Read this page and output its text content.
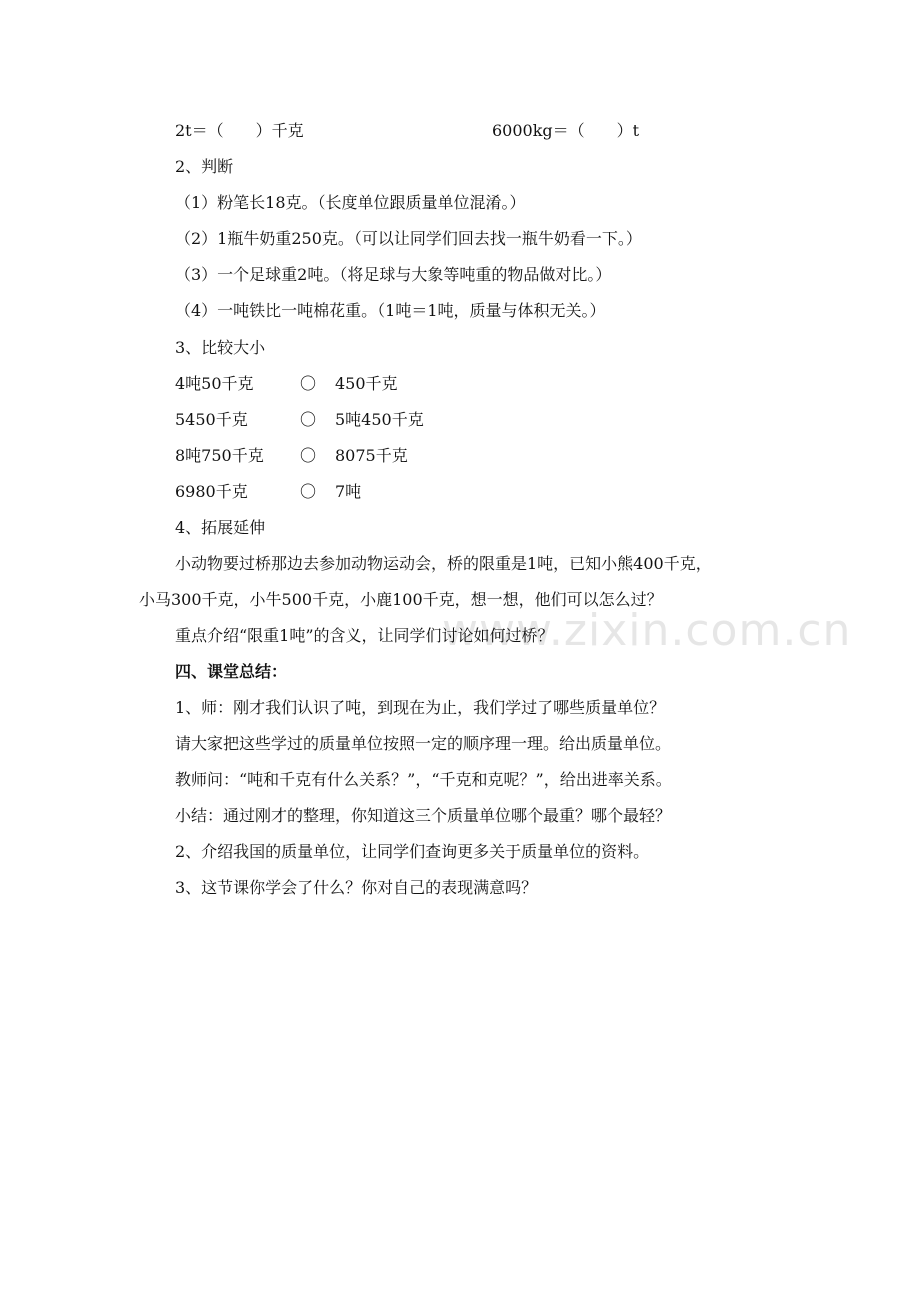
www.zixin.com.cn
2t＝（　　）千克	6000kg＝（　　）t
2、判断
（1）粉笔长18克。（长度单位跟质量单位混淆。）
（2）1瓶牛奶重250克。（可以让同学们回去找一瓶牛奶看一下。）
（3）一个足球重2吨。（将足球与大象等吨重的物品做对比。）
（4）一吨铁比一吨棉花重。（1吨＝1吨，质量与体积无关。）
3、比较大小
4吨50千克	〇 450千克
5450千克	〇 5吨450千克
8吨750千克 〇 8075千克
6980千克	〇 7吨
4、拓展延伸
小动物要过桥那边去参加动物运动会，桥的限重是1吨，已知小熊400千克，
小马300千克，小牛500千克，小鹿100千克，想一想，他们可以怎么过？
重点介绍“限重1吨”的含义，让同学们讨论如何过桥？
四、课堂总结：
1、师：刚才我们认识了吨，到现在为止，我们学过了哪些质量单位？
请大家把这些学过的质量单位按照一定的顺序理一理。给出质量单位。
教师问：“吨和千克有什么关系？”，“千克和克呢？”，给出进率关系。
小结：通过刚才的整理，你知道这三个质量单位哪个最重？哪个最轻？
2、介绍我国的质量单位，让同学们查询更多关于质量单位的资料。
3、这节课你学会了什么？你对自己的表现满意吗？
